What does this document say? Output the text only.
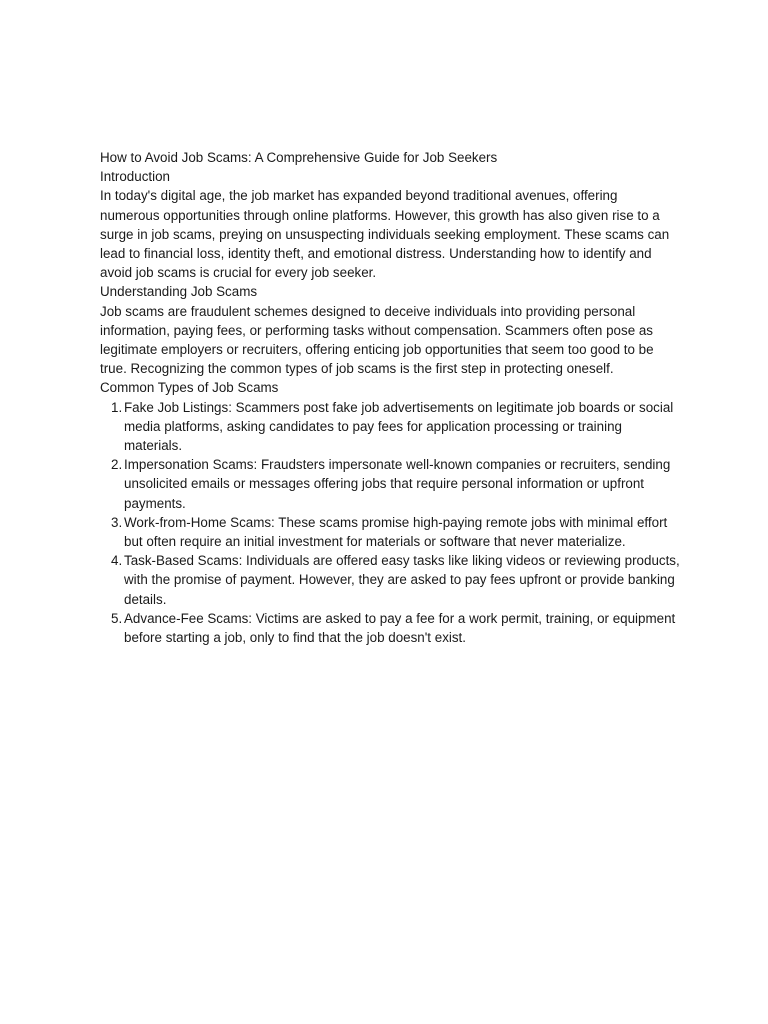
How to Avoid Job Scams: A Comprehensive Guide for Job Seekers
Introduction

In today's digital age, the job market has expanded beyond traditional avenues, offering numerous opportunities through online platforms. However, this growth has also given rise to a surge in job scams, preying on unsuspecting individuals seeking employment. These scams can lead to financial loss, identity theft, and emotional distress. Understanding how to identify and avoid job scams is crucial for every job seeker.

Understanding Job Scams

Job scams are fraudulent schemes designed to deceive individuals into providing personal information, paying fees, or performing tasks without compensation. Scammers often pose as legitimate employers or recruiters, offering enticing job opportunities that seem too good to be true. Recognizing the common types of job scams is the first step in protecting oneself.

Common Types of Job Scams
1. Fake Job Listings: Scammers post fake job advertisements on legitimate job boards or social media platforms, asking candidates to pay fees for application processing or training materials.
2. Impersonation Scams: Fraudsters impersonate well-known companies or recruiters, sending unsolicited emails or messages offering jobs that require personal information or upfront payments.
3. Work-from-Home Scams: These scams promise high-paying remote jobs with minimal effort but often require an initial investment for materials or software that never materialize.
4. Task-Based Scams: Individuals are offered easy tasks like liking videos or reviewing products, with the promise of payment. However, they are asked to pay fees upfront or provide banking details.
5. Advance-Fee Scams: Victims are asked to pay a fee for a work permit, training, or equipment before starting a job, only to find that the job doesn't exist.
